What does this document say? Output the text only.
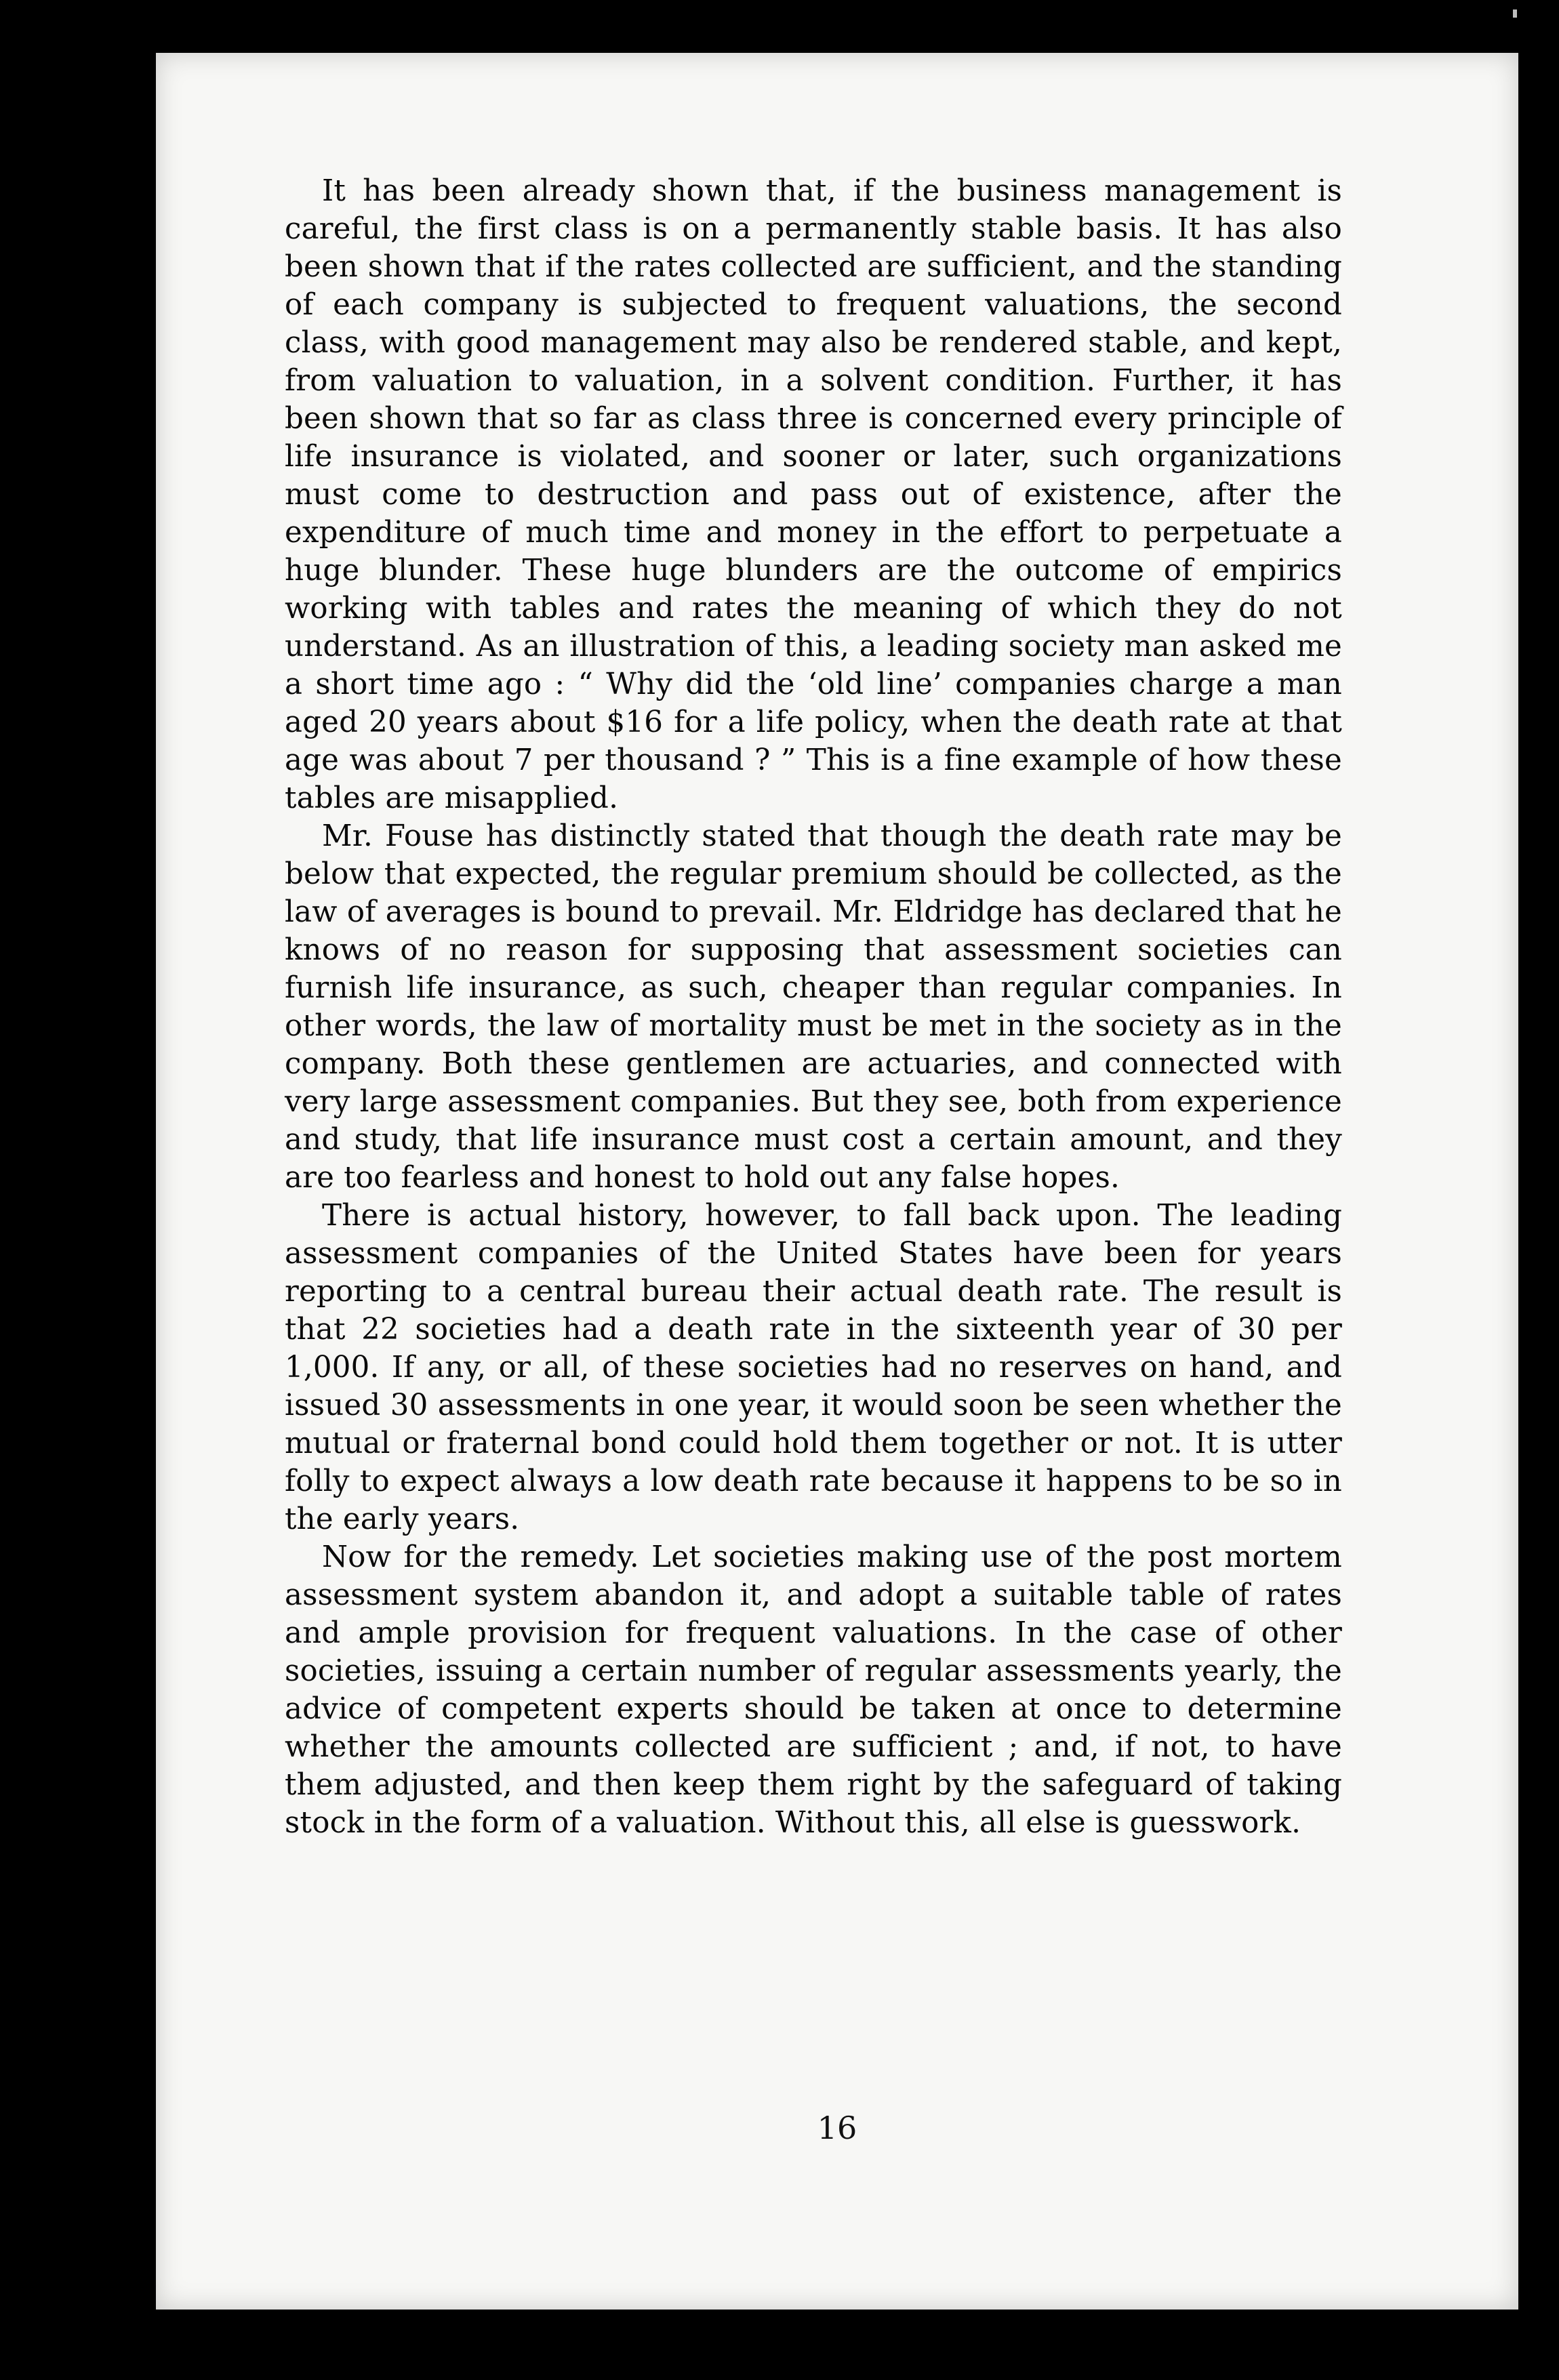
It has been already shown that, if the business management is careful, the first class is on a permanently stable basis. It has also been shown that if the rates collected are sufficient, and the standing of each company is subjected to frequent valuations, the second class, with good management may also be rendered stable, and kept, from valuation to valuation, in a solvent condition. Further, it has been shown that so far as class three is concerned every principle of life insurance is violated, and sooner or later, such organizations must come to destruction and pass out of existence, after the expenditure of much time and money in the effort to perpetuate a huge blunder. These huge blunders are the outcome of empirics working with tables and rates the meaning of which they do not understand. As an illustration of this, a leading society man asked me a short time ago : “ Why did the ‘old line’ companies charge a man aged 20 years about $16 for a life policy, when the death rate at that age was about 7 per thousand ? ” This is a fine example of how these tables are misapplied.

Mr. Fouse has distinctly stated that though the death rate may be below that expected, the regular premium should be collected, as the law of averages is bound to prevail. Mr. Eldridge has declared that he knows of no reason for supposing that assessment societies can furnish life insurance, as such, cheaper than regular companies. In other words, the law of mortality must be met in the society as in the company. Both these gentlemen are actuaries, and connected with very large assessment companies. But they see, both from experience and study, that life insurance must cost a certain amount, and they are too fearless and honest to hold out any false hopes.

There is actual history, however, to fall back upon. The leading assessment companies of the United States have been for years reporting to a central bureau their actual death rate. The result is that 22 societies had a death rate in the sixteenth year of 30 per 1,000. If any, or all, of these societies had no reserves on hand, and issued 30 assessments in one year, it would soon be seen whether the mutual or fraternal bond could hold them together or not. It is utter folly to expect always a low death rate because it happens to be so in the early years.

Now for the remedy. Let societies making use of the post mortem assessment system abandon it, and adopt a suitable table of rates and ample provision for frequent valuations. In the case of other societies, issuing a certain number of regular assessments yearly, the advice of competent experts should be taken at once to determine whether the amounts collected are sufficient ; and, if not, to have them adjusted, and then keep them right by the safeguard of taking stock in the form of a valuation. Without this, all else is guesswork.

16
